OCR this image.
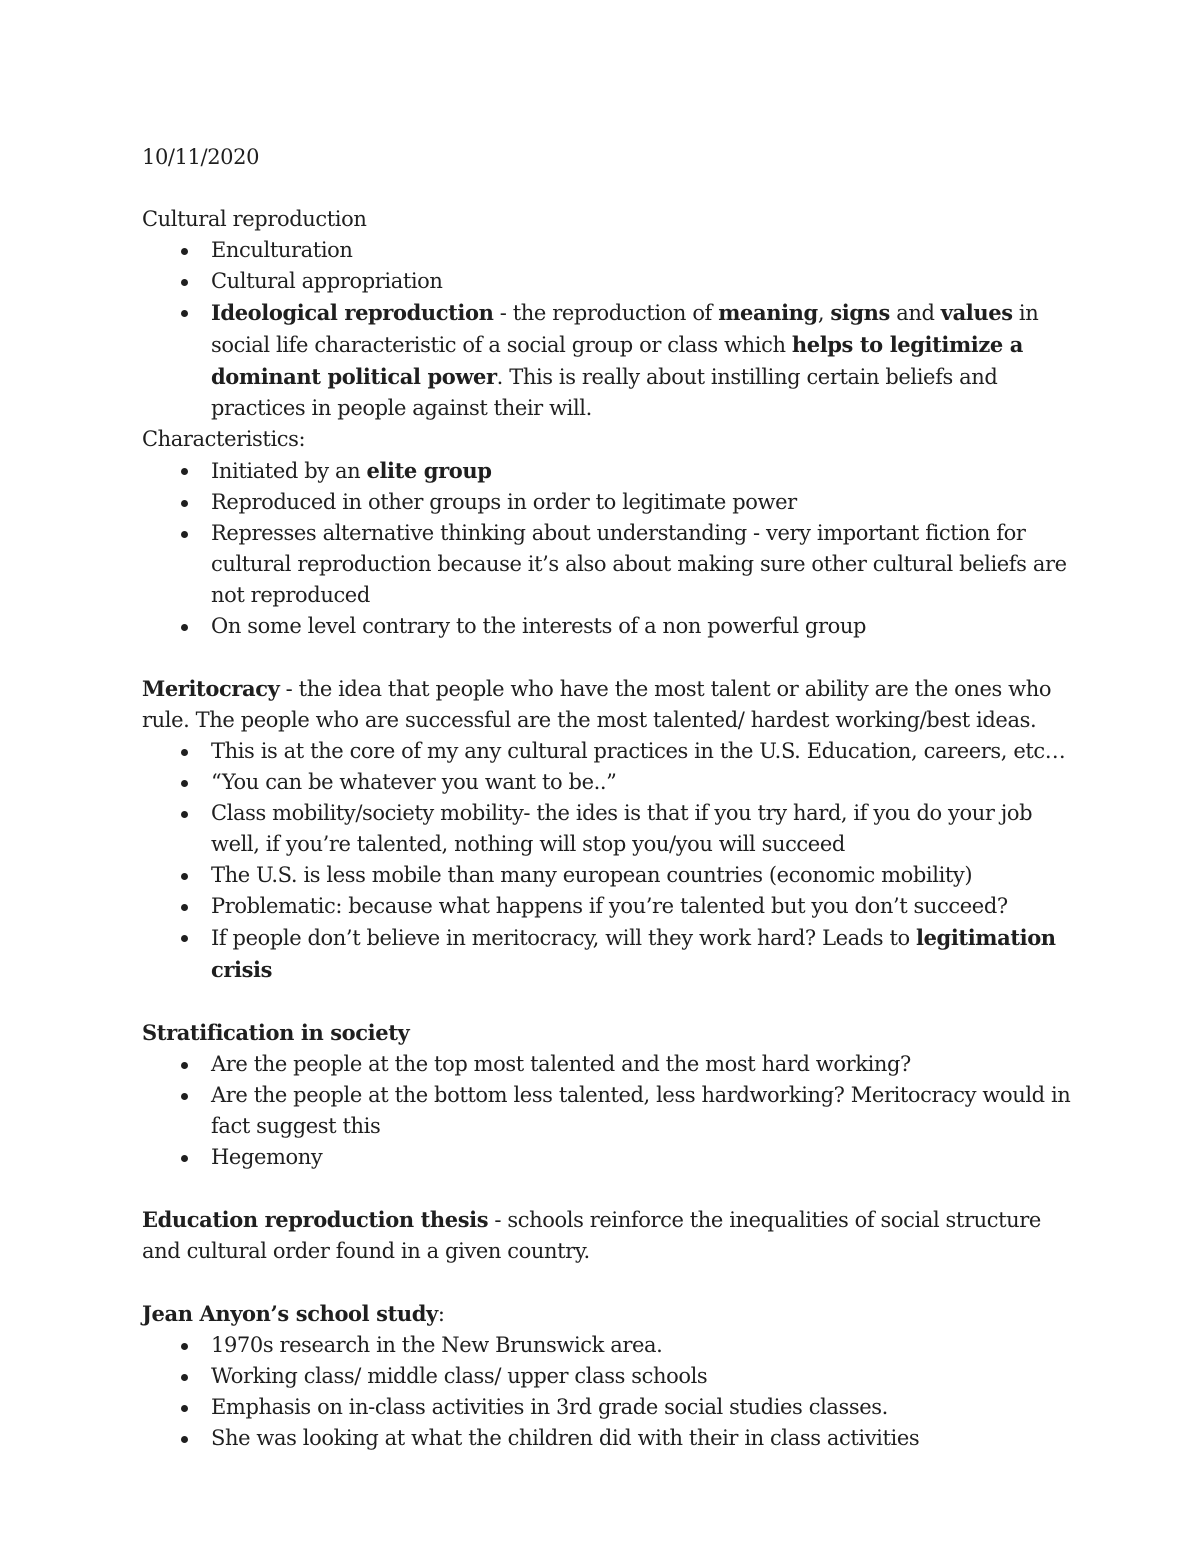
10/11/2020

Cultural reproduction

Enculturation
Cultural appropriation
Ideological reproduction - the reproduction of meaning, signs and values in social life characteristic of a social group or class which helps to legitimize a dominant political power. This is really about instilling certain beliefs and practices in people against their will.

Characteristics:

Initiated by an elite group
Reproduced in other groups in order to legitimate power
Represses alternative thinking about understanding - very important fiction for cultural reproduction because it’s also about making sure other cultural beliefs are not reproduced
On some level contrary to the interests of a non powerful group

Meritocracy - the idea that people who have the most talent or ability are the ones who rule. The people who are successful are the most talented/ hardest working/best ideas.

This is at the core of my any cultural practices in the U.S. Education, careers, etc…
“You can be whatever you want to be..”
Class mobility/society mobility- the ides is that if you try hard, if you do your job well, if you’re talented, nothing will stop you/you will succeed
The U.S. is less mobile than many european countries (economic mobility)
Problematic: because what happens if you’re talented but you don’t succeed?
If people don’t believe in meritocracy, will they work hard? Leads to legitimation crisis

Stratification in society

Are the people at the top most talented and the most hard working?
Are the people at the bottom less talented, less hardworking? Meritocracy would in fact suggest this
Hegemony

Education reproduction thesis - schools reinforce the inequalities of social structure and cultural order found in a given country.

Jean Anyon’s school study:

1970s research in the New Brunswick area.
Working class/ middle class/ upper class schools
Emphasis on in-class activities in 3rd grade social studies classes.
She was looking at what the children did with their in class activities
